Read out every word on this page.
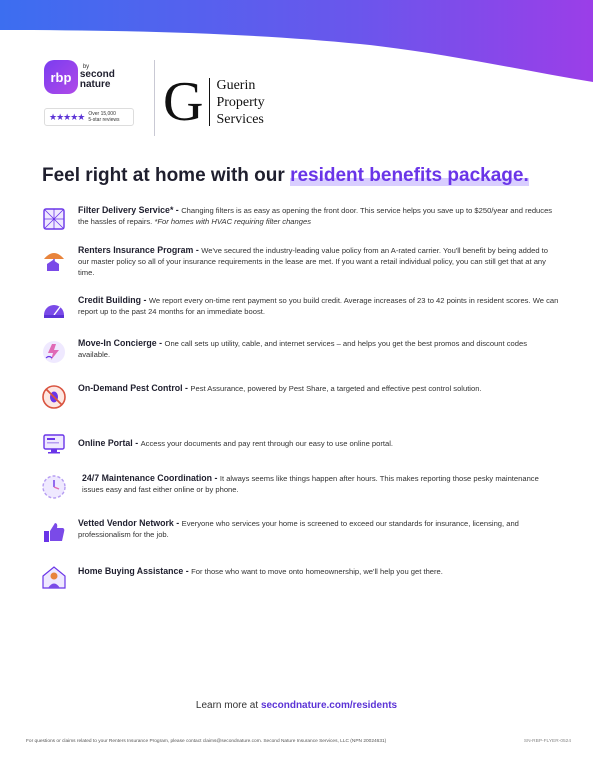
rbp
by
second nature
★★★★★ Over 15,000
5-star reviews G Guerin
Property
Services
Feel right at home with our resident benefits package.
Filter Delivery Service* - Changing filters is as easy as opening the front door. This service helps you save up to $250/year and reduces the hassles of repairs. *For homes with HVAC requiring filter changes
Renters Insurance Program - We've secured the industry-leading value policy from an A-rated carrier. You'll benefit by being added to our master policy so all of your insurance requirements in the lease are met. If you want a retail individual policy, you can still get that at any time.
Credit Building - We report every on-time rent payment so you build credit. Average increases of 23 to 42 points in resident scores. We can report up to the past 24 months for an immediate boost.
Move-In Concierge - One call sets up utility, cable, and internet services – and helps you get the best promos and discount codes available.
On-Demand Pest Control - Pest Assurance, powered by Pest Share, a targeted and effective pest control solution.
Online Portal - Access your documents and pay rent through our easy to use online portal.
24/7 Maintenance Coordination - It always seems like things happen after hours. This makes reporting those pesky maintenance issues easy and fast either online or by phone.
Vetted Vendor Network - Everyone who services your home is screened to exceed our standards for insurance, licensing, and professionalism for the job.
Home Buying Assistance - For those who want to move onto homeownership, we'll help you get there.
Learn more at secondnature.com/residents
For questions or claims related to your Renters Insurance Program, please contact claims@secondnature.com. Second Nature Insurance Services, LLC (NPN 20024631)	SN-RBP-FLYER-0524
